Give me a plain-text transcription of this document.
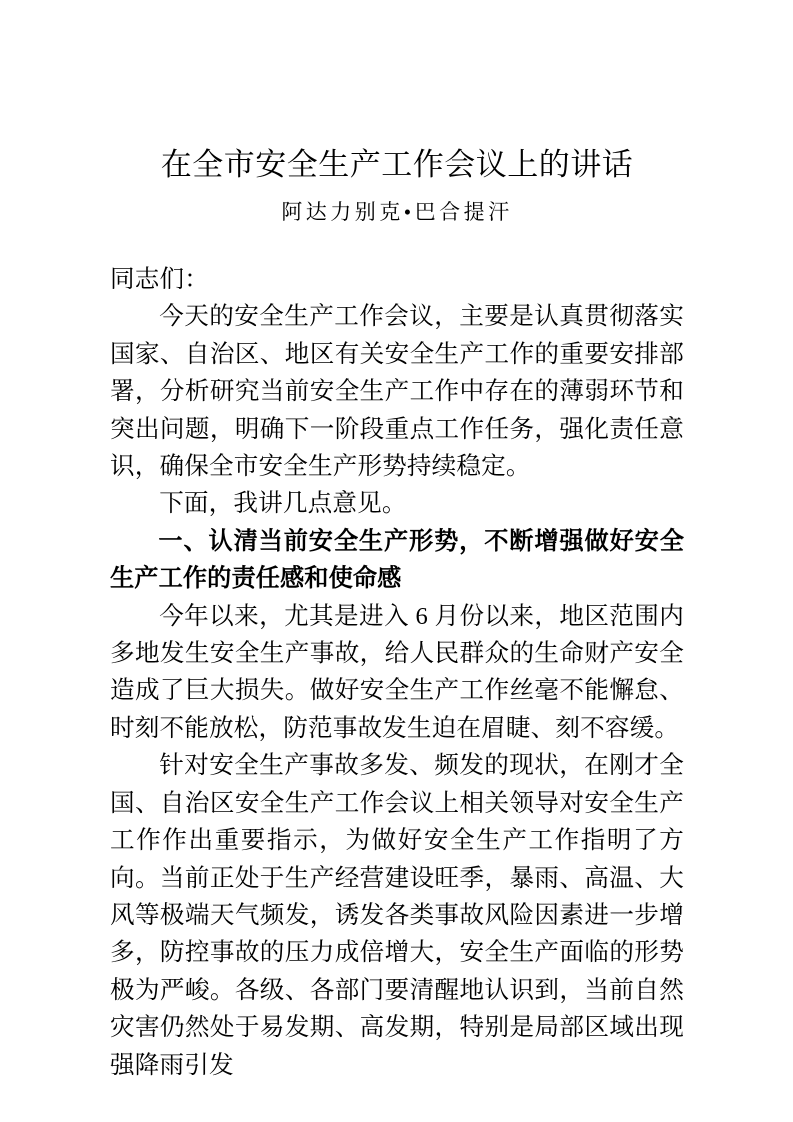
在全市安全生产工作会议上的讲话
阿达力别克•巴合提汗

同志们：

今天的安全生产工作会议，主要是认真贯彻落实国家、自治区、地区有关安全生产工作的重要安排部署，分析研究当前安全生产工作中存在的薄弱环节和突出问题，明确下一阶段重点工作任务，强化责任意识，确保全市安全生产形势持续稳定。

下面，我讲几点意见。

一、认清当前安全生产形势，不断增强做好安全生产工作的责任感和使命感

今年以来，尤其是进入 6 月份以来，地区范围内多地发生安全生产事故，给人民群众的生命财产安全造成了巨大损失。做好安全生产工作丝毫不能懈怠、时刻不能放松，防范事故发生迫在眉睫、刻不容缓。

针对安全生产事故多发、频发的现状，在刚才全国、自治区安全生产工作会议上相关领导对安全生产工作作出重要指示，为做好安全生产工作指明了方向。当前正处于生产经营建设旺季，暴雨、高温、大风等极端天气频发，诱发各类事故风险因素进一步增多，防控事故的压力成倍增大，安全生产面临的形势极为严峻。各级、各部门要清醒地认识到，当前自然灾害仍然处于易发期、高发期，特别是局部区域出现强降雨引发
